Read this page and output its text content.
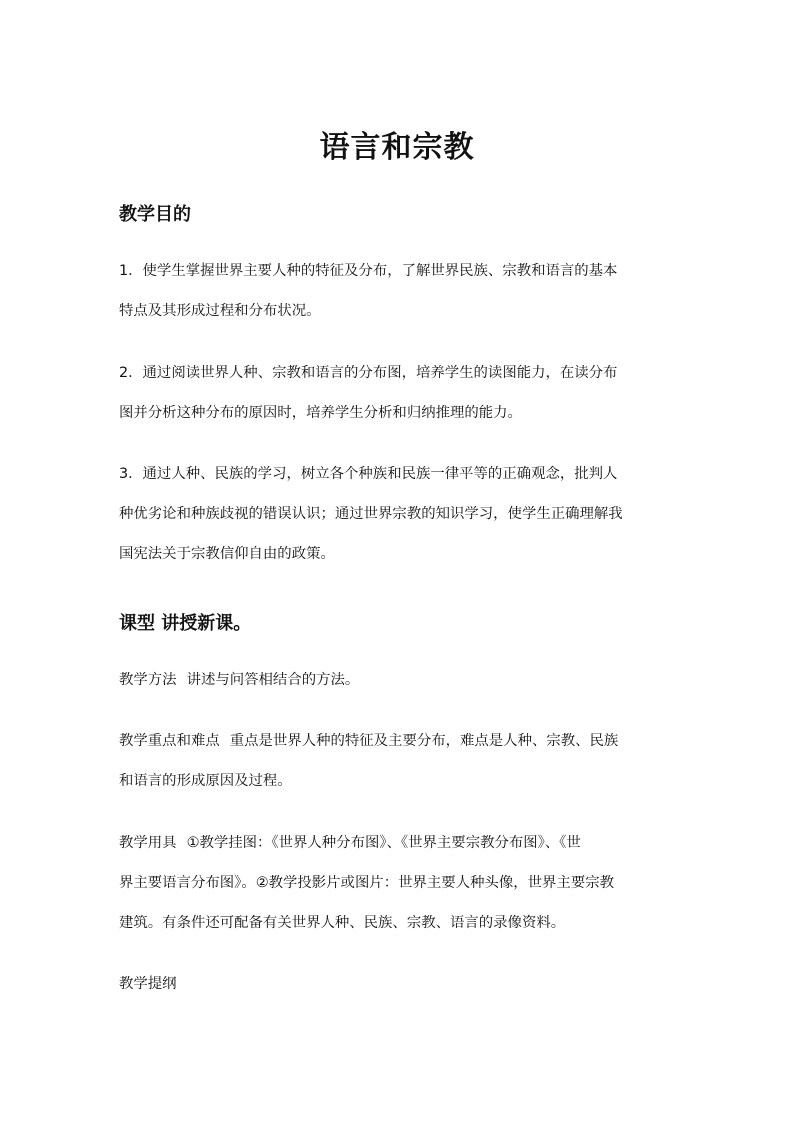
语言和宗教
教学目的

1．使学生掌握世界主要人种的特征及分布，了解世界民族、宗教和语言的基本
特点及其形成过程和分布状况。

2．通过阅读世界人种、宗教和语言的分布图，培养学生的读图能力，在读分布
图并分析这种分布的原因时，培养学生分析和归纳推理的能力。

3．通过人种、民族的学习，树立各个种族和民族一律平等的正确观念，批判人
种优劣论和种族歧视的错误认识；通过世界宗教的知识学习，使学生正确理解我
国宪法关于宗教信仰自由的政策。

课型 讲授新课。

教学方法 讲述与问答相结合的方法。

教学重点和难点 重点是世界人种的特征及主要分布，难点是人种、宗教、民族
和语言的形成原因及过程。

教学用具 ①教学挂图：《世界人种分布图》、《世界主要宗教分布图》、《世
界主要语言分布图》。②教学投影片或图片：世界主要人种头像，世界主要宗教
建筑。有条件还可配备有关世界人种、民族、宗教、语言的录像资料。

教学提纲
